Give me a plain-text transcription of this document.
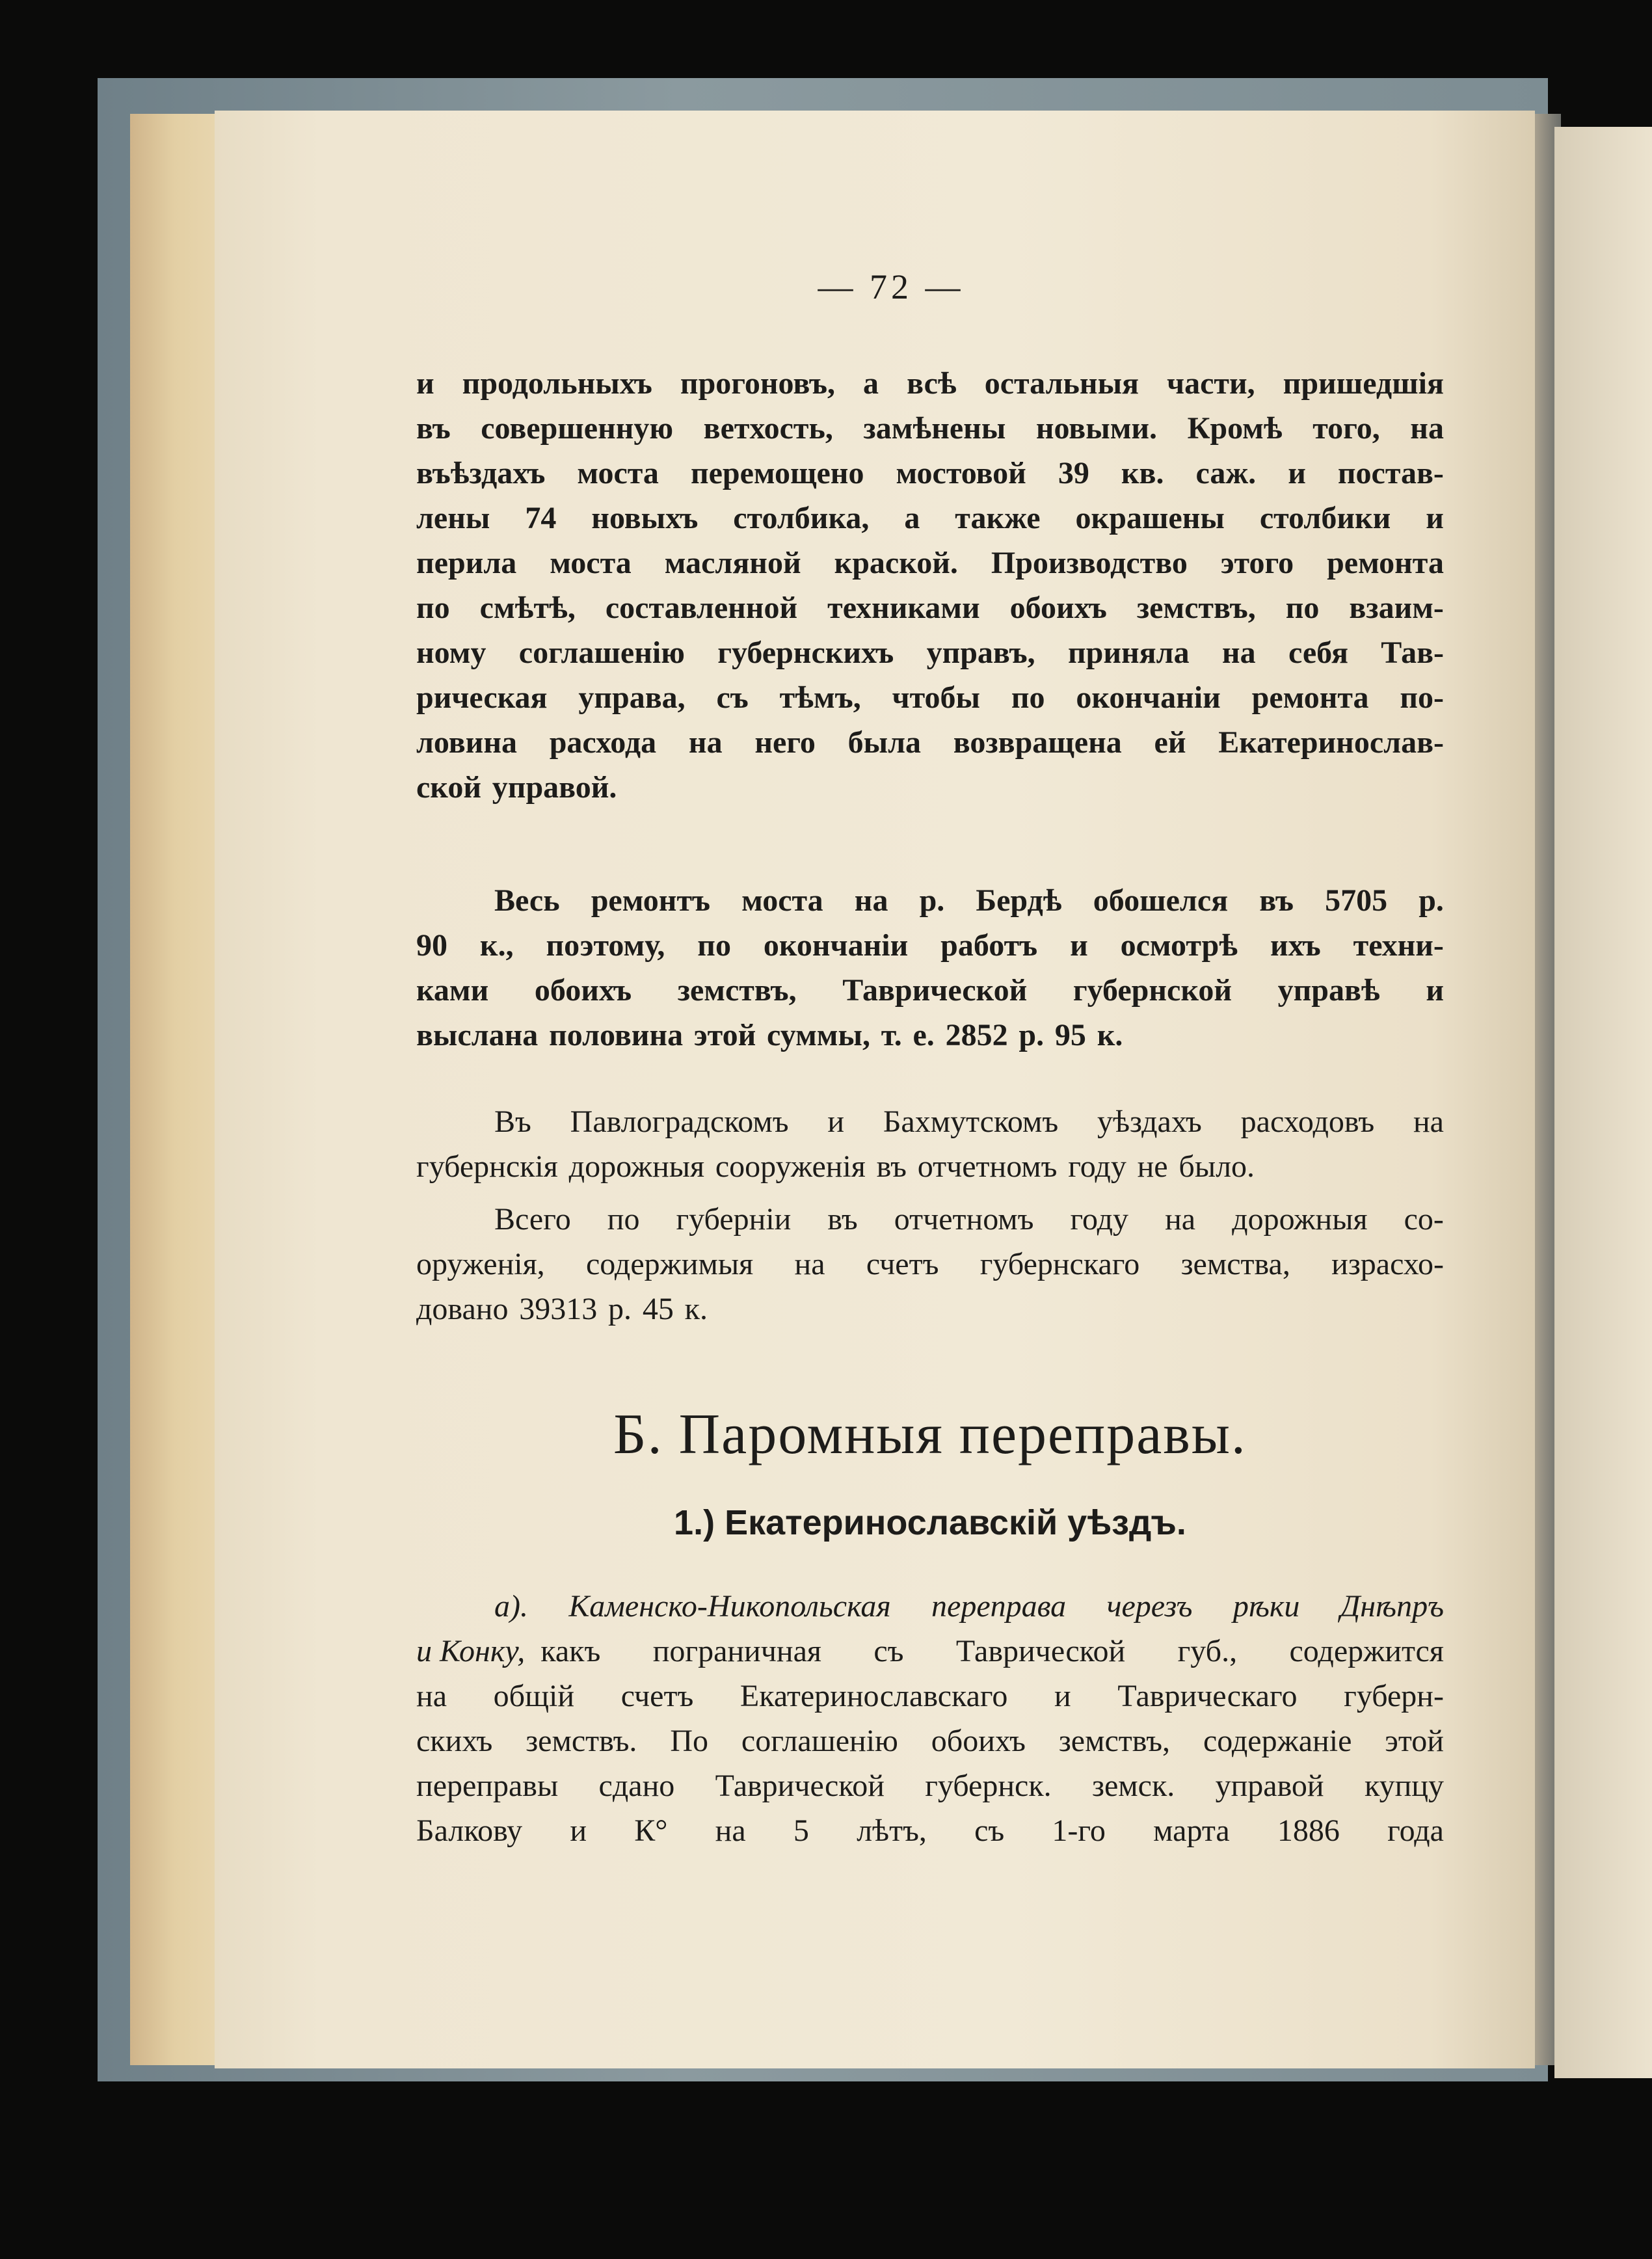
— 72 —
и продольныхъ прогоновъ, а всѣ остальныя части, пришедшія
въ совершенную ветхость, замѣнены новыми. Кромѣ того, на
въѣздахъ моста перемощено мостовой 39 кв. саж. и постав-
лены 74 новыхъ столбика, а также окрашены столбики и
перила моста масляной краской. Производство этого ремонта
по смѣтѣ, составленной техниками обоихъ земствъ, по взаим-
ному соглашенію губернскихъ управъ, приняла на себя Тав-
рическая управа, съ тѣмъ, чтобы по окончаніи ремонта по-
ловина расхода на него была возвращена ей Екатеринослав-
ской управой.
Весь ремонтъ моста на р. Бердѣ обошелся въ 5705 р.
90 к., поэтому, по окончаніи работъ и осмотрѣ ихъ техни-
ками обоихъ земствъ, Таврической губернской управѣ и
выслана половина этой суммы, т. е. 2852 р. 95 к.
Въ Павлоградскомъ и Бахмутскомъ уѣздахъ расходовъ на
губернскія дорожныя сооруженія въ отчетномъ году не было.
Всего по губерніи въ отчетномъ году на дорожныя со-
оруженія, содержимыя на счетъ губернскаго земства, израсхо-
довано 39313 р. 45 к.
Б. Паромныя переправы.
1.) Екатеринославскій уѣздъ.
а). Каменско-Никопольская переправа черезъ рѣки Днѣпръ
и Конку, какъ пограничная съ Таврической губ., содержится
на общій счетъ Екатеринославскаго и Таврическаго губерн-
скихъ земствъ. По соглашенію обоихъ земствъ, содержаніе этой
переправы сдано Таврической губернск. земск. управой купцу
Балкову и К° на 5 лѣтъ, съ 1-го марта 1886 года
